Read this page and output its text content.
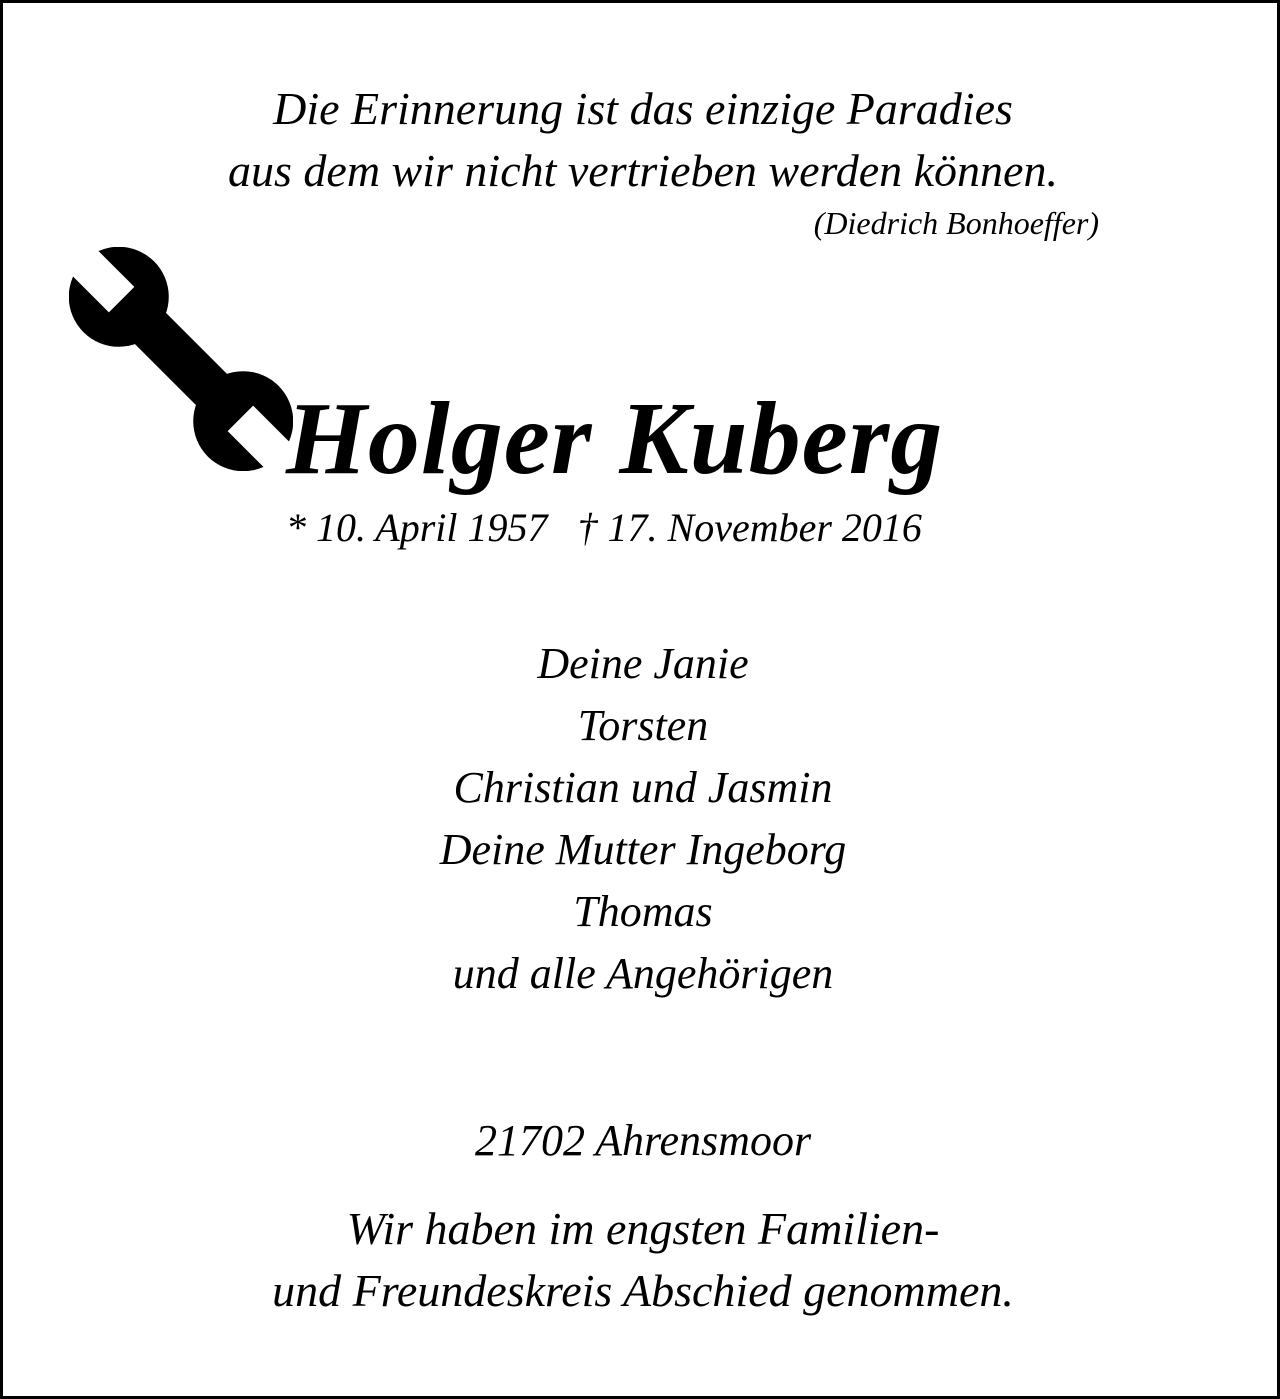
Die Erinnerung ist das einzige Paradies

aus dem wir nicht vertrieben werden können.

(Diedrich Bonhoeffer)

Holger Kuberg

* 10. April 1957 † 17. November 2016

Deine Janie
Torsten
Christian und Jasmin
Deine Mutter Ingeborg
Thomas
und alle Angehörigen

21702 Ahrensmoor

Wir haben im engsten Familien-

und Freundeskreis Abschied genommen.
